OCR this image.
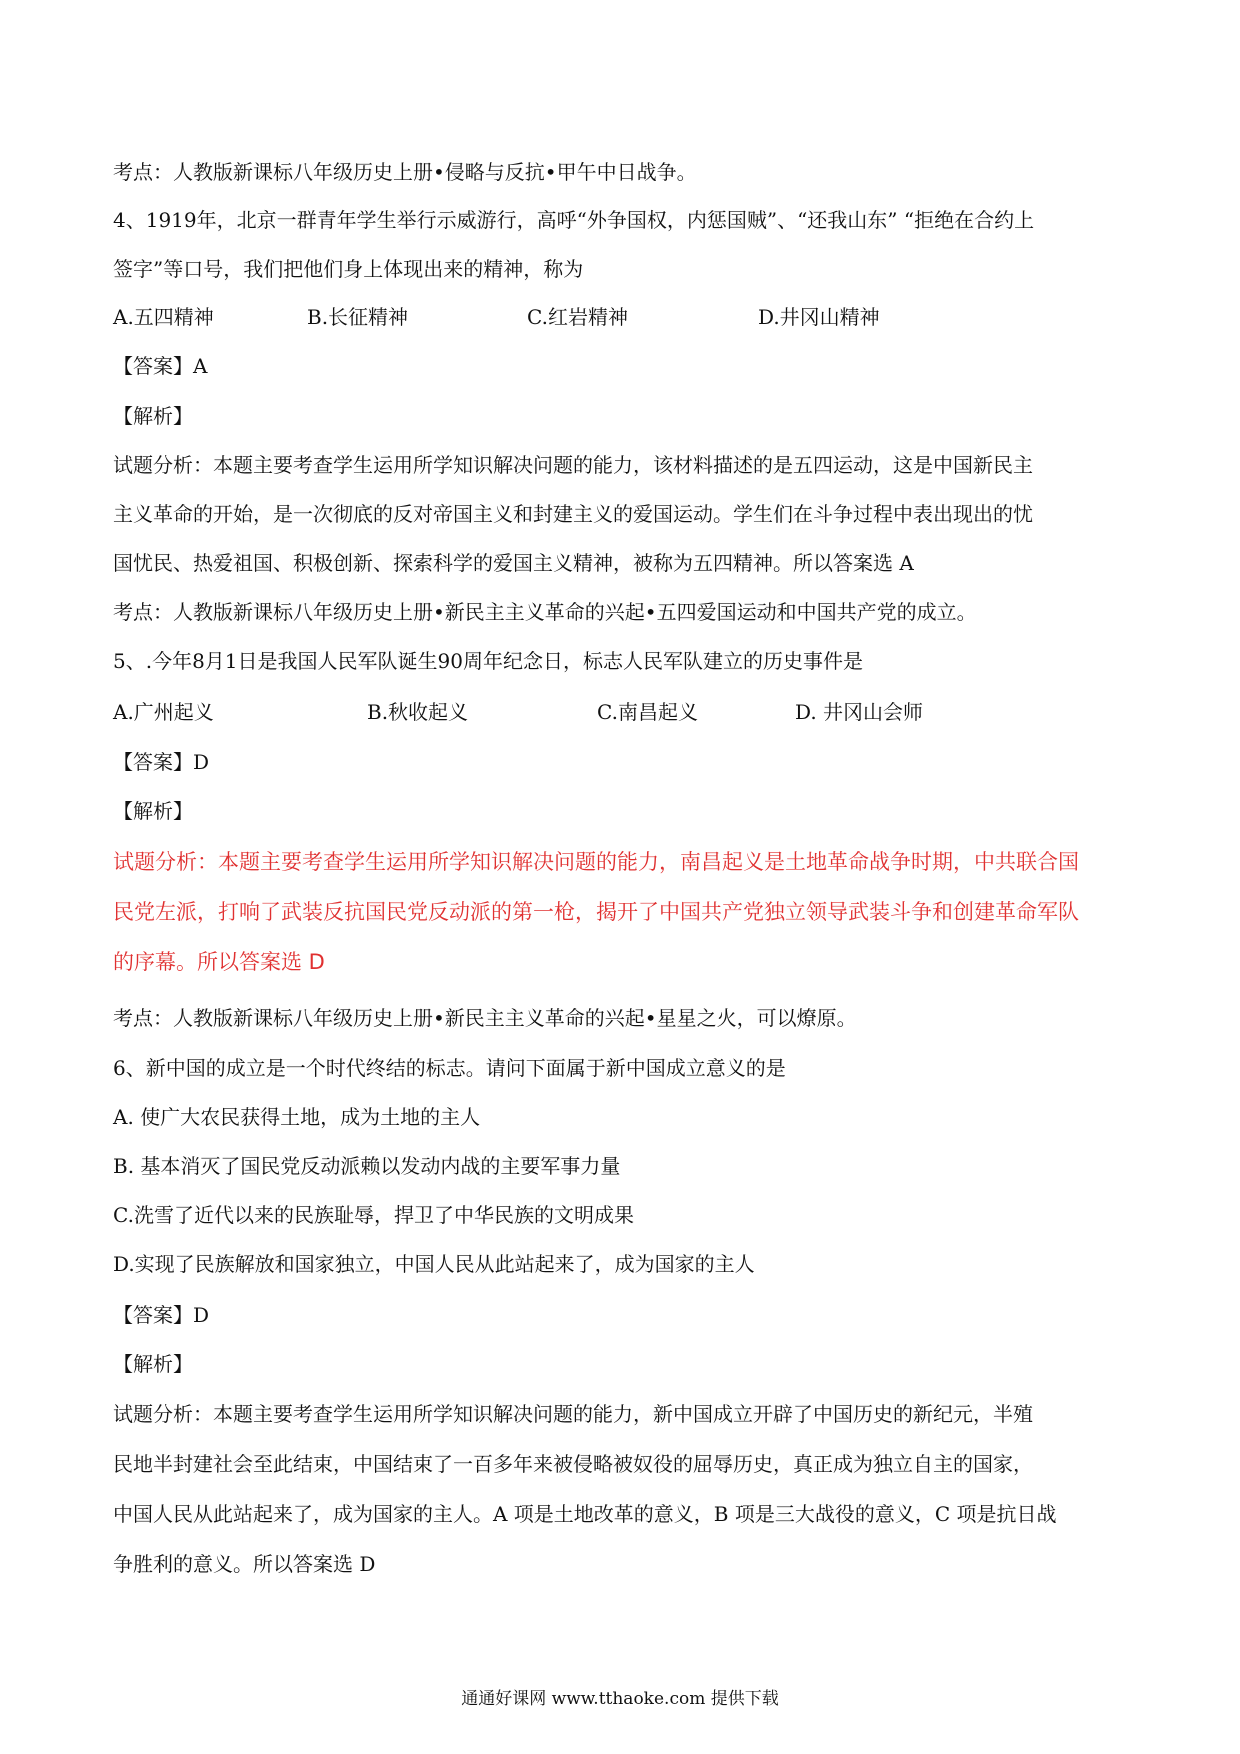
考点：人教版新课标八年级历史上册•侵略与反抗•甲午中日战争。
4、1919年，北京一群青年学生举行示威游行，高呼“外争国权，内惩国贼”、“还我山东” “拒绝在合约上
签字”等口号，我们把他们身上体现出来的精神，称为
A.五四精神	B.长征精神	C.红岩精神	D.井冈山精神
【答案】A
【解析】
试题分析：本题主要考查学生运用所学知识解决问题的能力，该材料描述的是五四运动，这是中国新民主
主义革命的开始，是一次彻底的反对帝国主义和封建主义的爱国运动。学生们在斗争过程中表出现出的忧
国忧民、热爱祖国、积极创新、探索科学的爱国主义精神，被称为五四精神。所以答案选 A
考点：人教版新课标八年级历史上册•新民主主义革命的兴起•五四爱国运动和中国共产党的成立。
5、.今年8月1日是我国人民军队诞生90周年纪念日，标志人民军队建立的历史事件是
A.广州起义	B.秋收起义	C.南昌起义	D. 井冈山会师
【答案】D
【解析】
试题分析：本题主要考查学生运用所学知识解决问题的能力，南昌起义是土地革命战争时期，中共联合国
民党左派，打响了武装反抗国民党反动派的第一枪，揭开了中国共产党独立领导武装斗争和创建革命军队
的序幕。所以答案选 D
考点：人教版新课标八年级历史上册•新民主主义革命的兴起•星星之火，可以燎原。
6、新中国的成立是一个时代终结的标志。请问下面属于新中国成立意义的是
A. 使广大农民获得土地，成为土地的主人
B. 基本消灭了国民党反动派赖以发动内战的主要军事力量
C.洗雪了近代以来的民族耻辱，捍卫了中华民族的文明成果
D.实现了民族解放和国家独立，中国人民从此站起来了，成为国家的主人
【答案】D
【解析】
试题分析：本题主要考查学生运用所学知识解决问题的能力，新中国成立开辟了中国历史的新纪元，半殖
民地半封建社会至此结束，中国结束了一百多年来被侵略被奴役的屈辱历史，真正成为独立自主的国家，
中国人民从此站起来了，成为国家的主人。A 项是土地改革的意义，B 项是三大战役的意义，C 项是抗日战
争胜利的意义。所以答案选 D
通通好课网 www.tthaoke.com 提供下载
